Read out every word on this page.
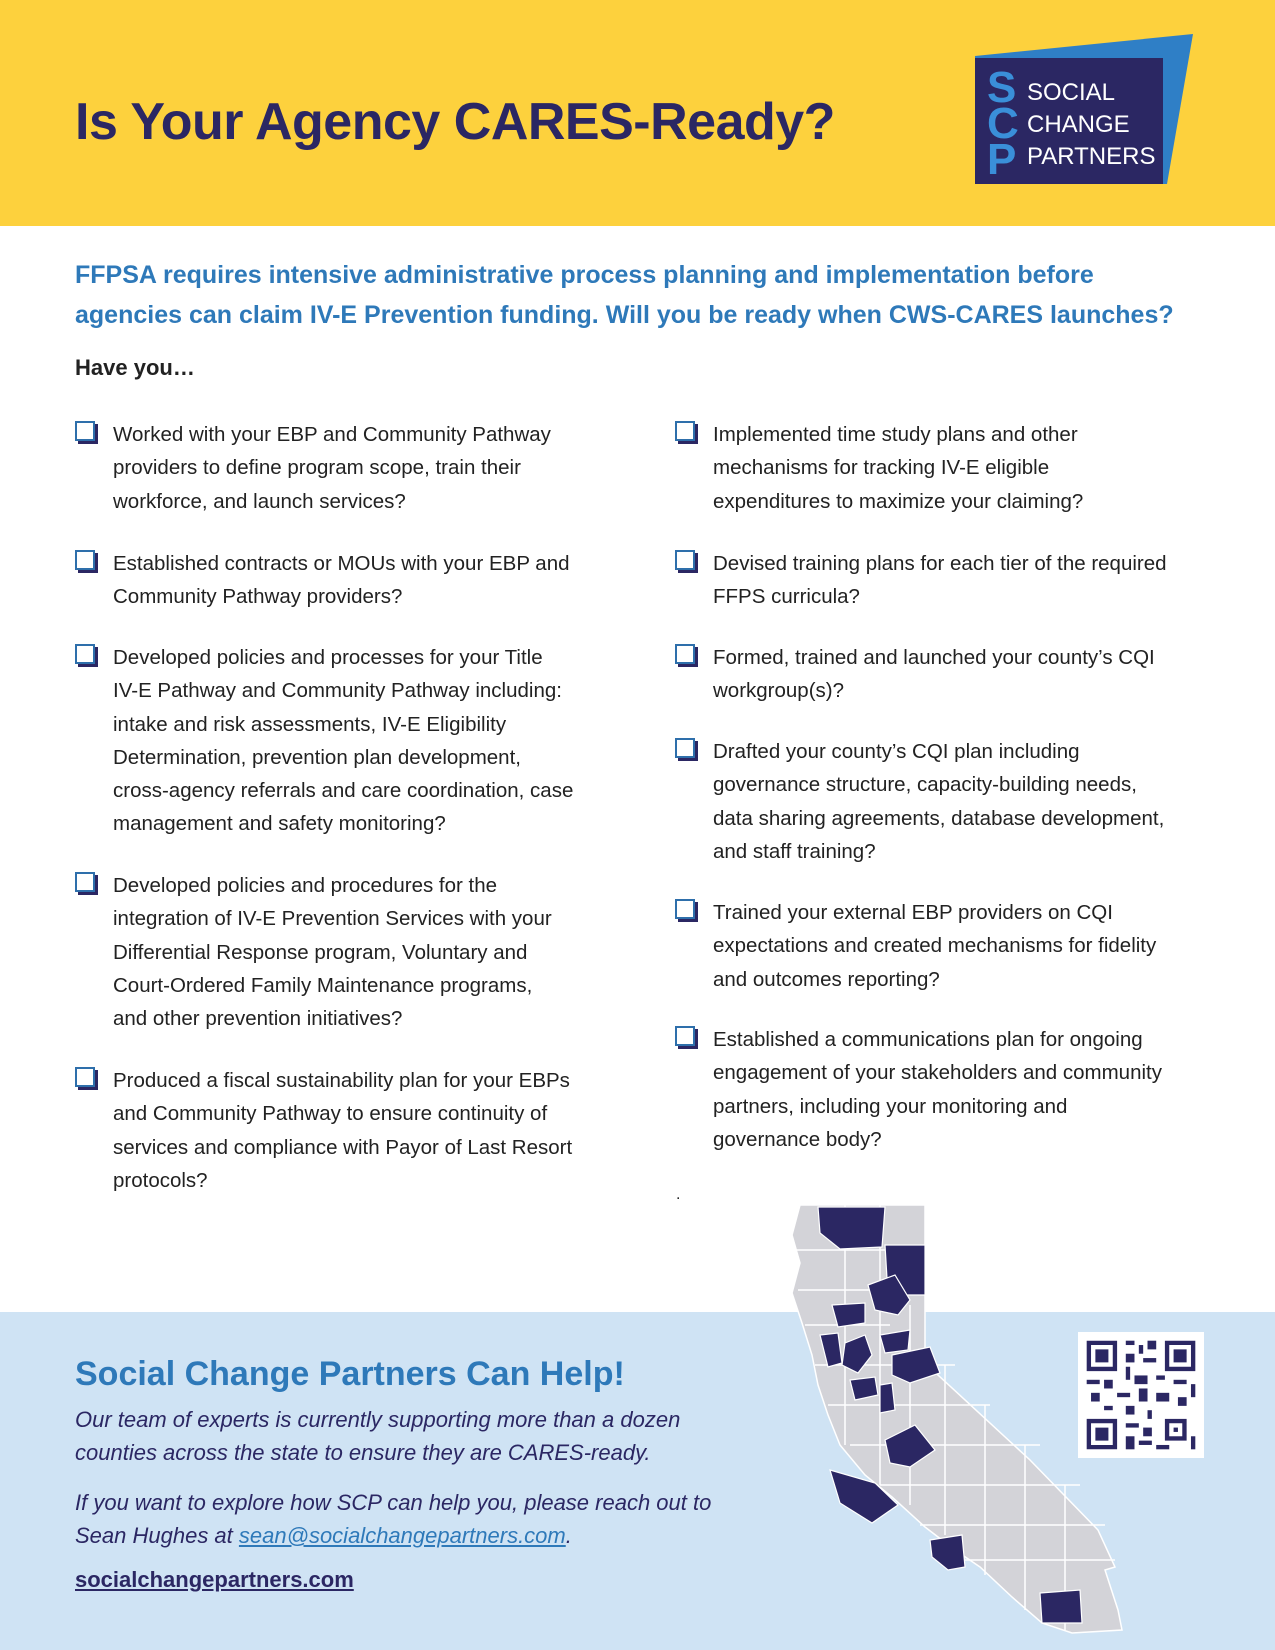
Is Your Agency CARES-Ready?
S
C
P
SOCIAL
CHANGE
PARTNERS

FFPSA requires intensive administrative process planning and implementation before

agencies can claim IV-E Prevention funding. Will you be ready when CWS-CARES launches?

Have you…
Worked with your EBP and Community Pathway
providers to define program scope, train their
workforce, and launch services?
Established contracts or MOUs with your EBP and
Community Pathway providers?
Developed policies and processes for your Title
IV-E Pathway and Community Pathway including:
intake and risk assessments, IV-E Eligibility
Determination, prevention plan development,
cross-agency referrals and care coordination, case
management and safety monitoring?
Developed policies and procedures for the
integration of IV-E Prevention Services with your
Differential Response program, Voluntary and
Court-Ordered Family Maintenance programs,
and other prevention initiatives?
Produced a fiscal sustainability plan for your EBPs
and Community Pathway to ensure continuity of
services and compliance with Payor of Last Resort
protocols?
Implemented time study plans and other
mechanisms for tracking IV-E eligible
expenditures to maximize your claiming?
Devised training plans for each tier of the required
FFPS curricula?
Formed, trained and launched your county’s CQI
workgroup(s)?
Drafted your county’s CQI plan including
governance structure, capacity-building needs,
data sharing agreements, database development,
and staff training?
Trained your external EBP providers on CQI
expectations and created mechanisms for fidelity
and outcomes reporting?
Established a communications plan for ongoing
engagement of your stakeholders and community
partners, including your monitoring and
governance body?
.
Social Change Partners Can Help!

Our team of experts is currently supporting more than a dozen
counties across the state to ensure they are CARES-ready.

If you want to explore how SCP can help you, please reach out to
Sean Hughes at sean@socialchangepartners.com.

socialchangepartners.com
